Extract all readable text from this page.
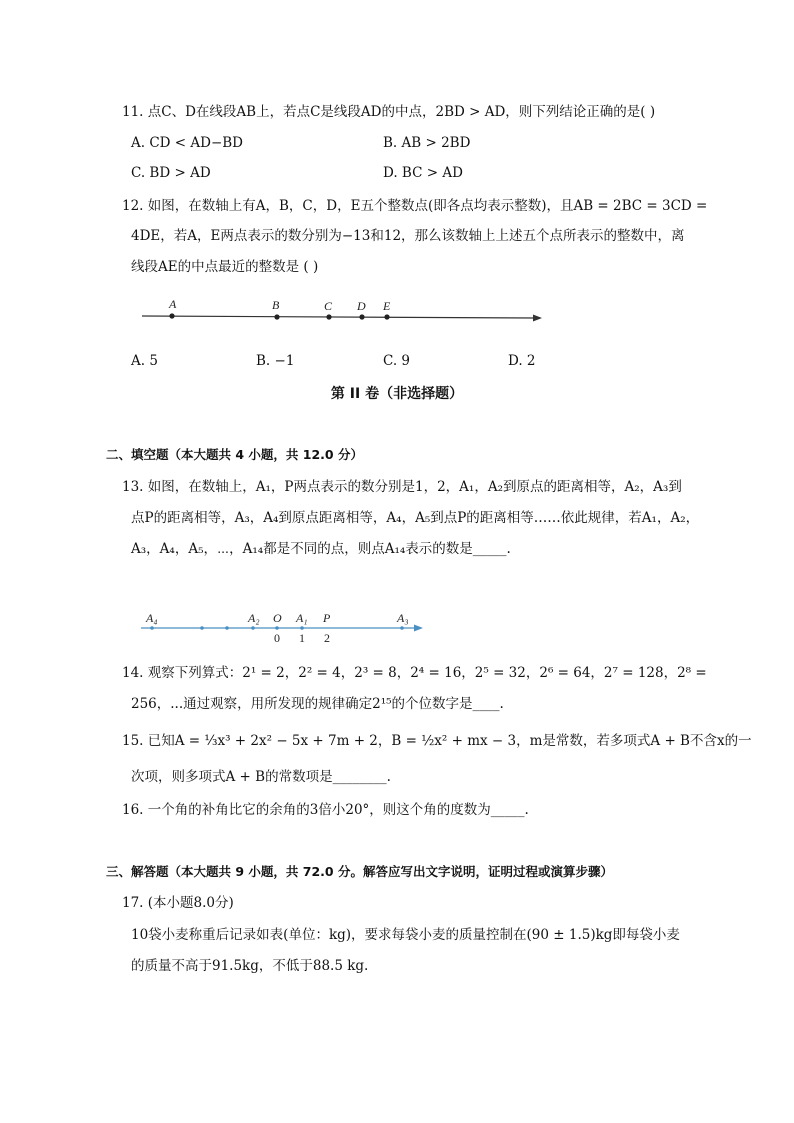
11. 点C、D在线段AB上，若点C是线段AD的中点，2BD > AD，则下列结论正确的是( )
A. CD < AD−BD	B. AB > 2BD
C. BD > AD	D. BC > AD
12. 如图，在数轴上有A，B，C，D，E五个整数点(即各点均表示整数)，且AB = 2BC = 3CD =
4DE，若A，E两点表示的数分别为−13和12，那么该数轴上上述五个点所表示的整数中，离
线段AE的中点最近的整数是 ( )
A	B	C D E
A. 5	B. −1	C. 9	D. 2
第 II 卷（非选择题）
二、填空题（本大题共 4 小题，共 12.0 分）
13. 如图，在数轴上，A₁，P两点表示的数分别是1，2，A₁，A₂到原点的距离相等，A₂，A₃到
点P的距离相等，A₃，A₄到原点距离相等，A₄，A₅到点P的距离相等……依此规律，若A₁，A₂，
A₃，A₄，A₅，⋯，A₁₄都是不同的点，则点A₁₄表示的数是_____.
A₄	A₂ O A₁ P	A₃
0 1 2
14. 观察下列算式：2¹ = 2，2² = 4，2³ = 8，2⁴ = 16，2⁵ = 32，2⁶ = 64，2⁷ = 128，2⁸ =
256，...通过观察，用所发现的规律确定2¹⁵的个位数字是____.
15. 已知A = ⅓x³ + 2x² − 5x + 7m + 2，B = ½x² + mx − 3，m是常数，若多项式A + B不含x的一
次项，则多项式A + B的常数项是________.
16. 一个角的补角比它的余角的3倍小20°，则这个角的度数为_____.
三、解答题（本大题共 9 小题，共 72.0 分。解答应写出文字说明，证明过程或演算步骤）
17. (本小题8.0分)
10袋小麦称重后记录如表(单位：kg)，要求每袋小麦的质量控制在(90 ± 1.5)kg即每袋小麦
的质量不高于91.5kg，不低于88.5 kg.
